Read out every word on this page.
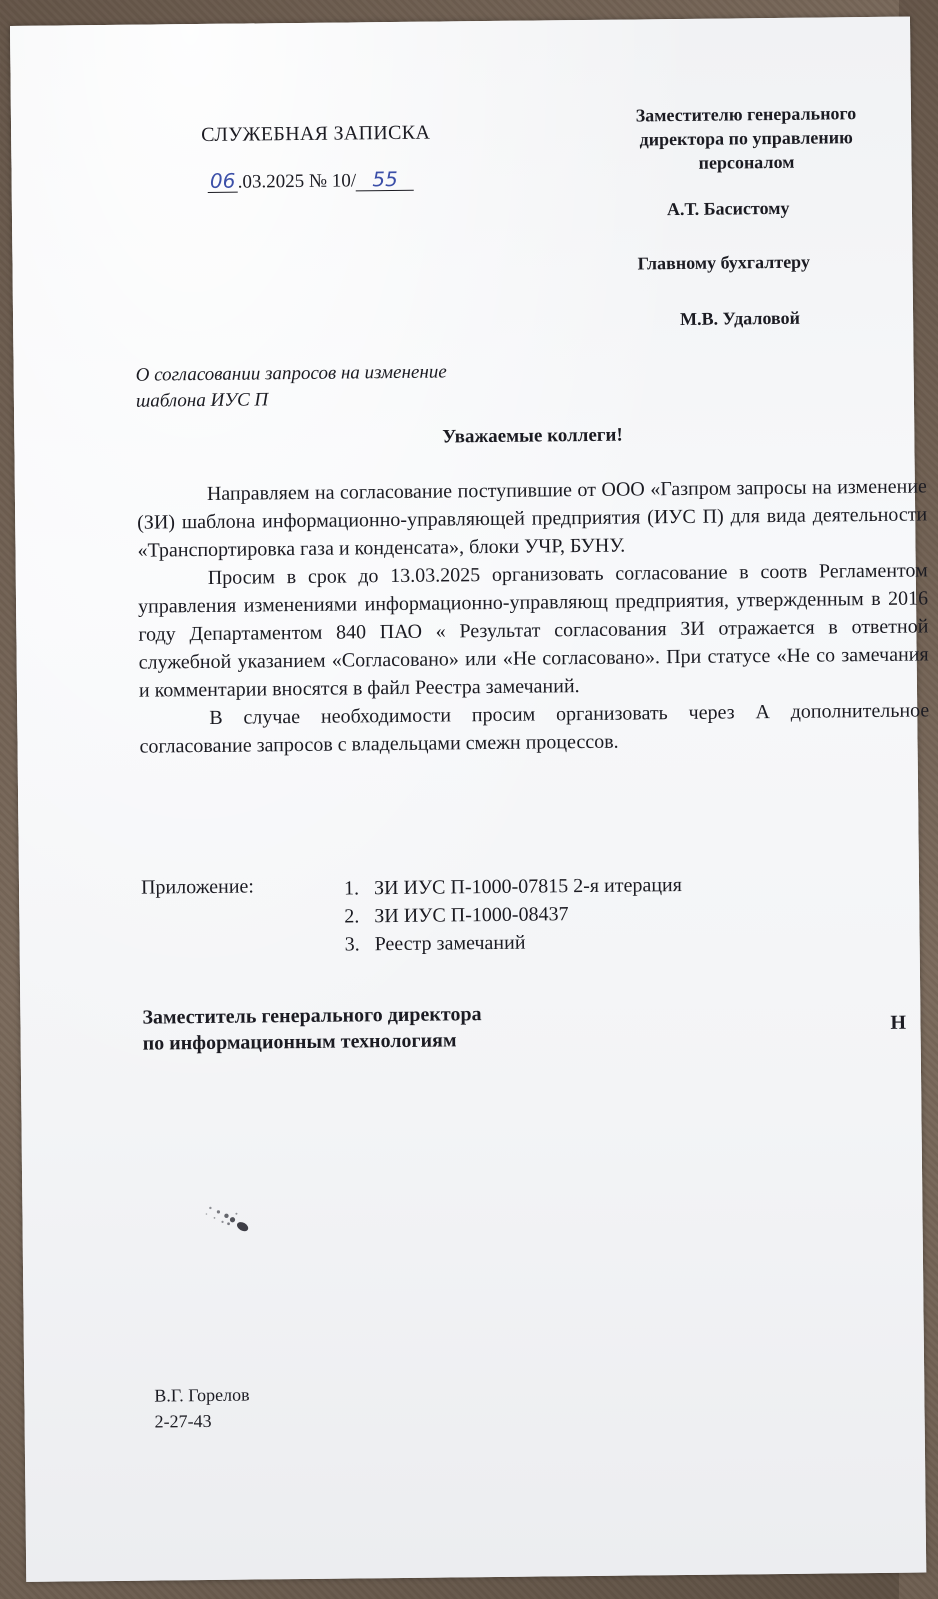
СЛУЖЕБНАЯ ЗАПИСКА
06 .03.2025 № 10/ 55
Заместителю генерального директора по управлению персоналом
А.Т. Басистому
Главному бухгалтеру
М.В. Удаловой
О согласовании запросов на изменение шаблона ИУС П
Уважаемые коллеги!

Направляем на согласование поступившие от ООО «Газпром запросы на изменение (ЗИ) шаблона информационно-управляющей предприятия (ИУС П) для вида деятельности «Транспортировка газа и конденсата», блоки УЧР, БУНУ.

Просим в срок до 13.03.2025 организовать согласование в соотв Регламентом управления изменениями информационно-управляющ предприятия, утвержденным в 2016 году Департаментом 840 ПАО « Результат согласования ЗИ отражается в ответной служебной указанием «Согласовано» или «Не согласовано». При статусе «Не со замечания и комментарии вносятся в файл Реестра замечаний.

В случае необходимости просим организовать через А дополнительное согласование запросов с владельцами смежн процессов.

Приложение:	1. ЗИ ИУС П-1000-07815 2-я итерация
2. ЗИ ИУС П-1000-08437
3. Реестр замечаний
Заместитель генерального директора
по информационным технологиям
Н
В.Г. Горелов
2-27-43
